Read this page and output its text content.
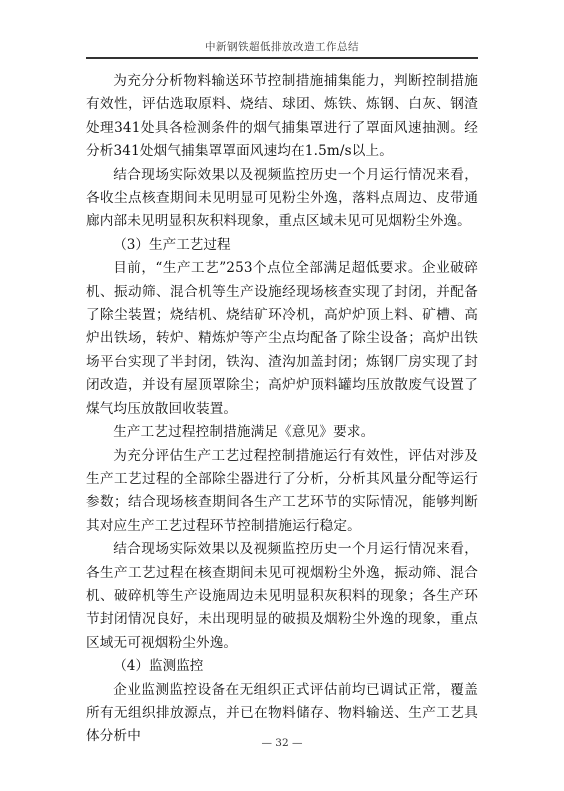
中新钢铁超低排放改造工作总结

为充分分析物料输送环节控制措施捕集能力，判断控制措施有效性，评估选取原料、烧结、球团、炼铁、炼钢、白灰、钢渣处理341处具各检测条件的烟气捕集罩进行了罩面风速抽测。经分析341处烟气捕集罩罩面风速均在1.5m/s以上。

结合现场实际效果以及视频监控历史一个月运行情况来看，各收尘点核查期间未见明显可见粉尘外逸，落料点周边、皮带通廊内部未见明显积灰积料现象，重点区域未见可见烟粉尘外逸。

（3）生产工艺过程

目前，“生产工艺”253个点位全部满足超低要求。企业破碎机、振动筛、混合机等生产设施经现场核查实现了封闭，并配备了除尘装置；烧结机、烧结矿环冷机，高炉炉顶上料、矿槽、高炉出铁场，转炉、精炼炉等产尘点均配备了除尘设备；高炉出铁场平台实现了半封闭，铁沟、渣沟加盖封闭；炼钢厂房实现了封闭改造，并设有屋顶罩除尘；高炉炉顶料罐均压放散废气设置了煤气均压放散回收装置。

生产工艺过程控制措施满足《意见》要求。

为充分评估生产工艺过程控制措施运行有效性，评估对涉及生产工艺过程的全部除尘器进行了分析，分析其风量分配等运行参数；结合现场核查期间各生产工艺环节的实际情况，能够判断其对应生产工艺过程环节控制措施运行稳定。

结合现场实际效果以及视频监控历史一个月运行情况来看，各生产工艺过程在核查期间未见可视烟粉尘外逸，振动筛、混合机、破碎机等生产设施周边未见明显积灰积料的现象；各生产环节封闭情况良好，未出现明显的破损及烟粉尘外逸的现象，重点区域无可视烟粉尘外逸。

（4）监测监控

企业监测监控设备在无组织正式评估前均已调试正常，覆盖所有无组织排放源点，并已在物料储存、物料输送、生产工艺具体分析中	— 32 —
